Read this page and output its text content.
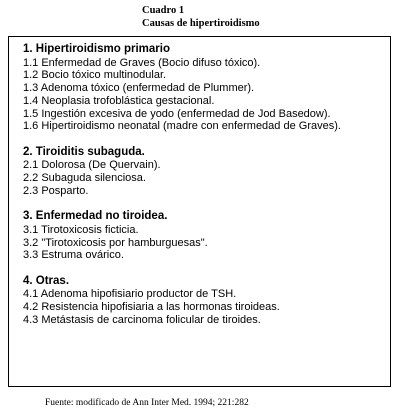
Cuadro 1
Causas de hipertiroidismo
1. Hipertiroidismo primario
1.1 Enfermedad de Graves (Bocio difuso tóxico).
1.2 Bocio tóxico multinodular.
1.3 Adenoma tóxico (enfermedad de Plummer).
1.4 Neoplasia trofoblástica gestacional.
1.5 Ingestión excesiva de yodo (enfermedad de Jod Basedow).
1.6 Hipertiroidismo neonatal (madre con enfermedad de Graves).
2. Tiroiditis subaguda.
2.1 Dolorosa (De Quervain).
2.2 Subaguda silenciosa.
2.3 Posparto.
3. Enfermedad no tiroidea.
3.1 Tirotoxicosis ficticia.
3.2 "Tirotoxicosis por hamburguesas".
3.3 Estruma ovárico.
4. Otras.
4.1 Adenoma hipofisiario productor de TSH.
4.2 Resistencia hipofisiaria a las hormonas tiroideas.
4.3 Metástasis de carcinoma folicular de tiroides.
Fuente: modificado de Ann Inter Med. 1994; 221:282
